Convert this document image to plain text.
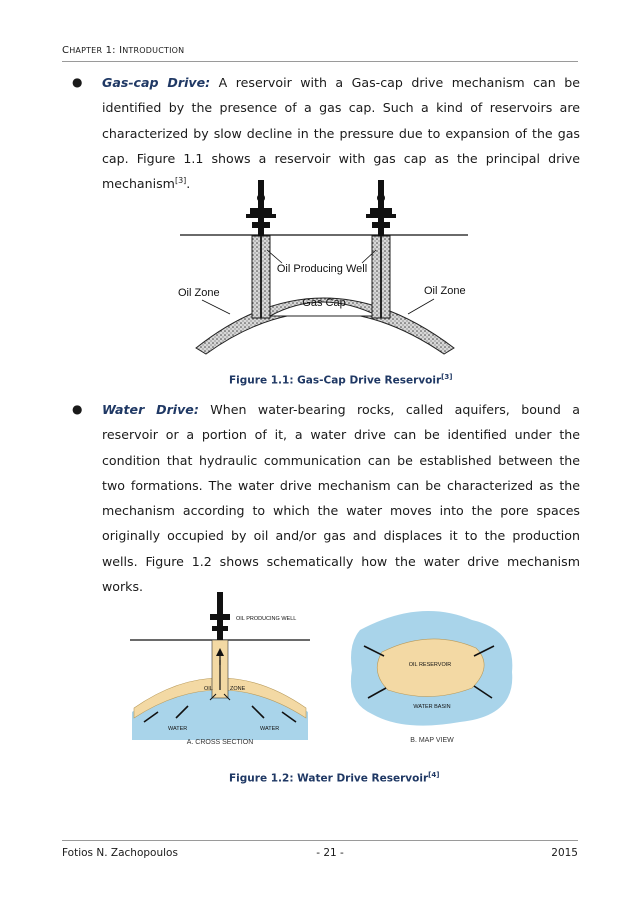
CHAPTER 1: INTRODUCTION
●	Gas-cap Drive: A reservoir with a Gas-cap drive mechanism can be identified by the presence of a gas cap. Such a kind of reservoirs are characterized by slow decline in the pressure due to expansion of the gas cap. Figure 1.1 shows a reservoir with gas cap as the principal drive mechanism[3].

Oil Producing Well
Oil Zone	Oil Zone
Gas Cap
Figure 1.1: Gas-Cap Drive Reservoir[3]
●	Water Drive: When water-bearing rocks, called aquifers, bound a reservoir or a portion of it, a water drive can be identified under the condition that hydraulic communication can be established between the two formations. The water drive mechanism can be characterized as the mechanism according to which the water moves into the pore spaces originally occupied by oil and/or gas and displaces it to the production wells. Figure 1.2 shows schematically how the water drive mechanism works.

OIL PRODUCING WELL
OIL	ZONE
WATER	WATER
A. CROSS SECTION
OIL RESERVOIR
WATER BASIN
B. MAP VIEW
Figure 1.2: Water Drive Reservoir[4]
Fotios N. Zachopoulos	- 21 -	2015
